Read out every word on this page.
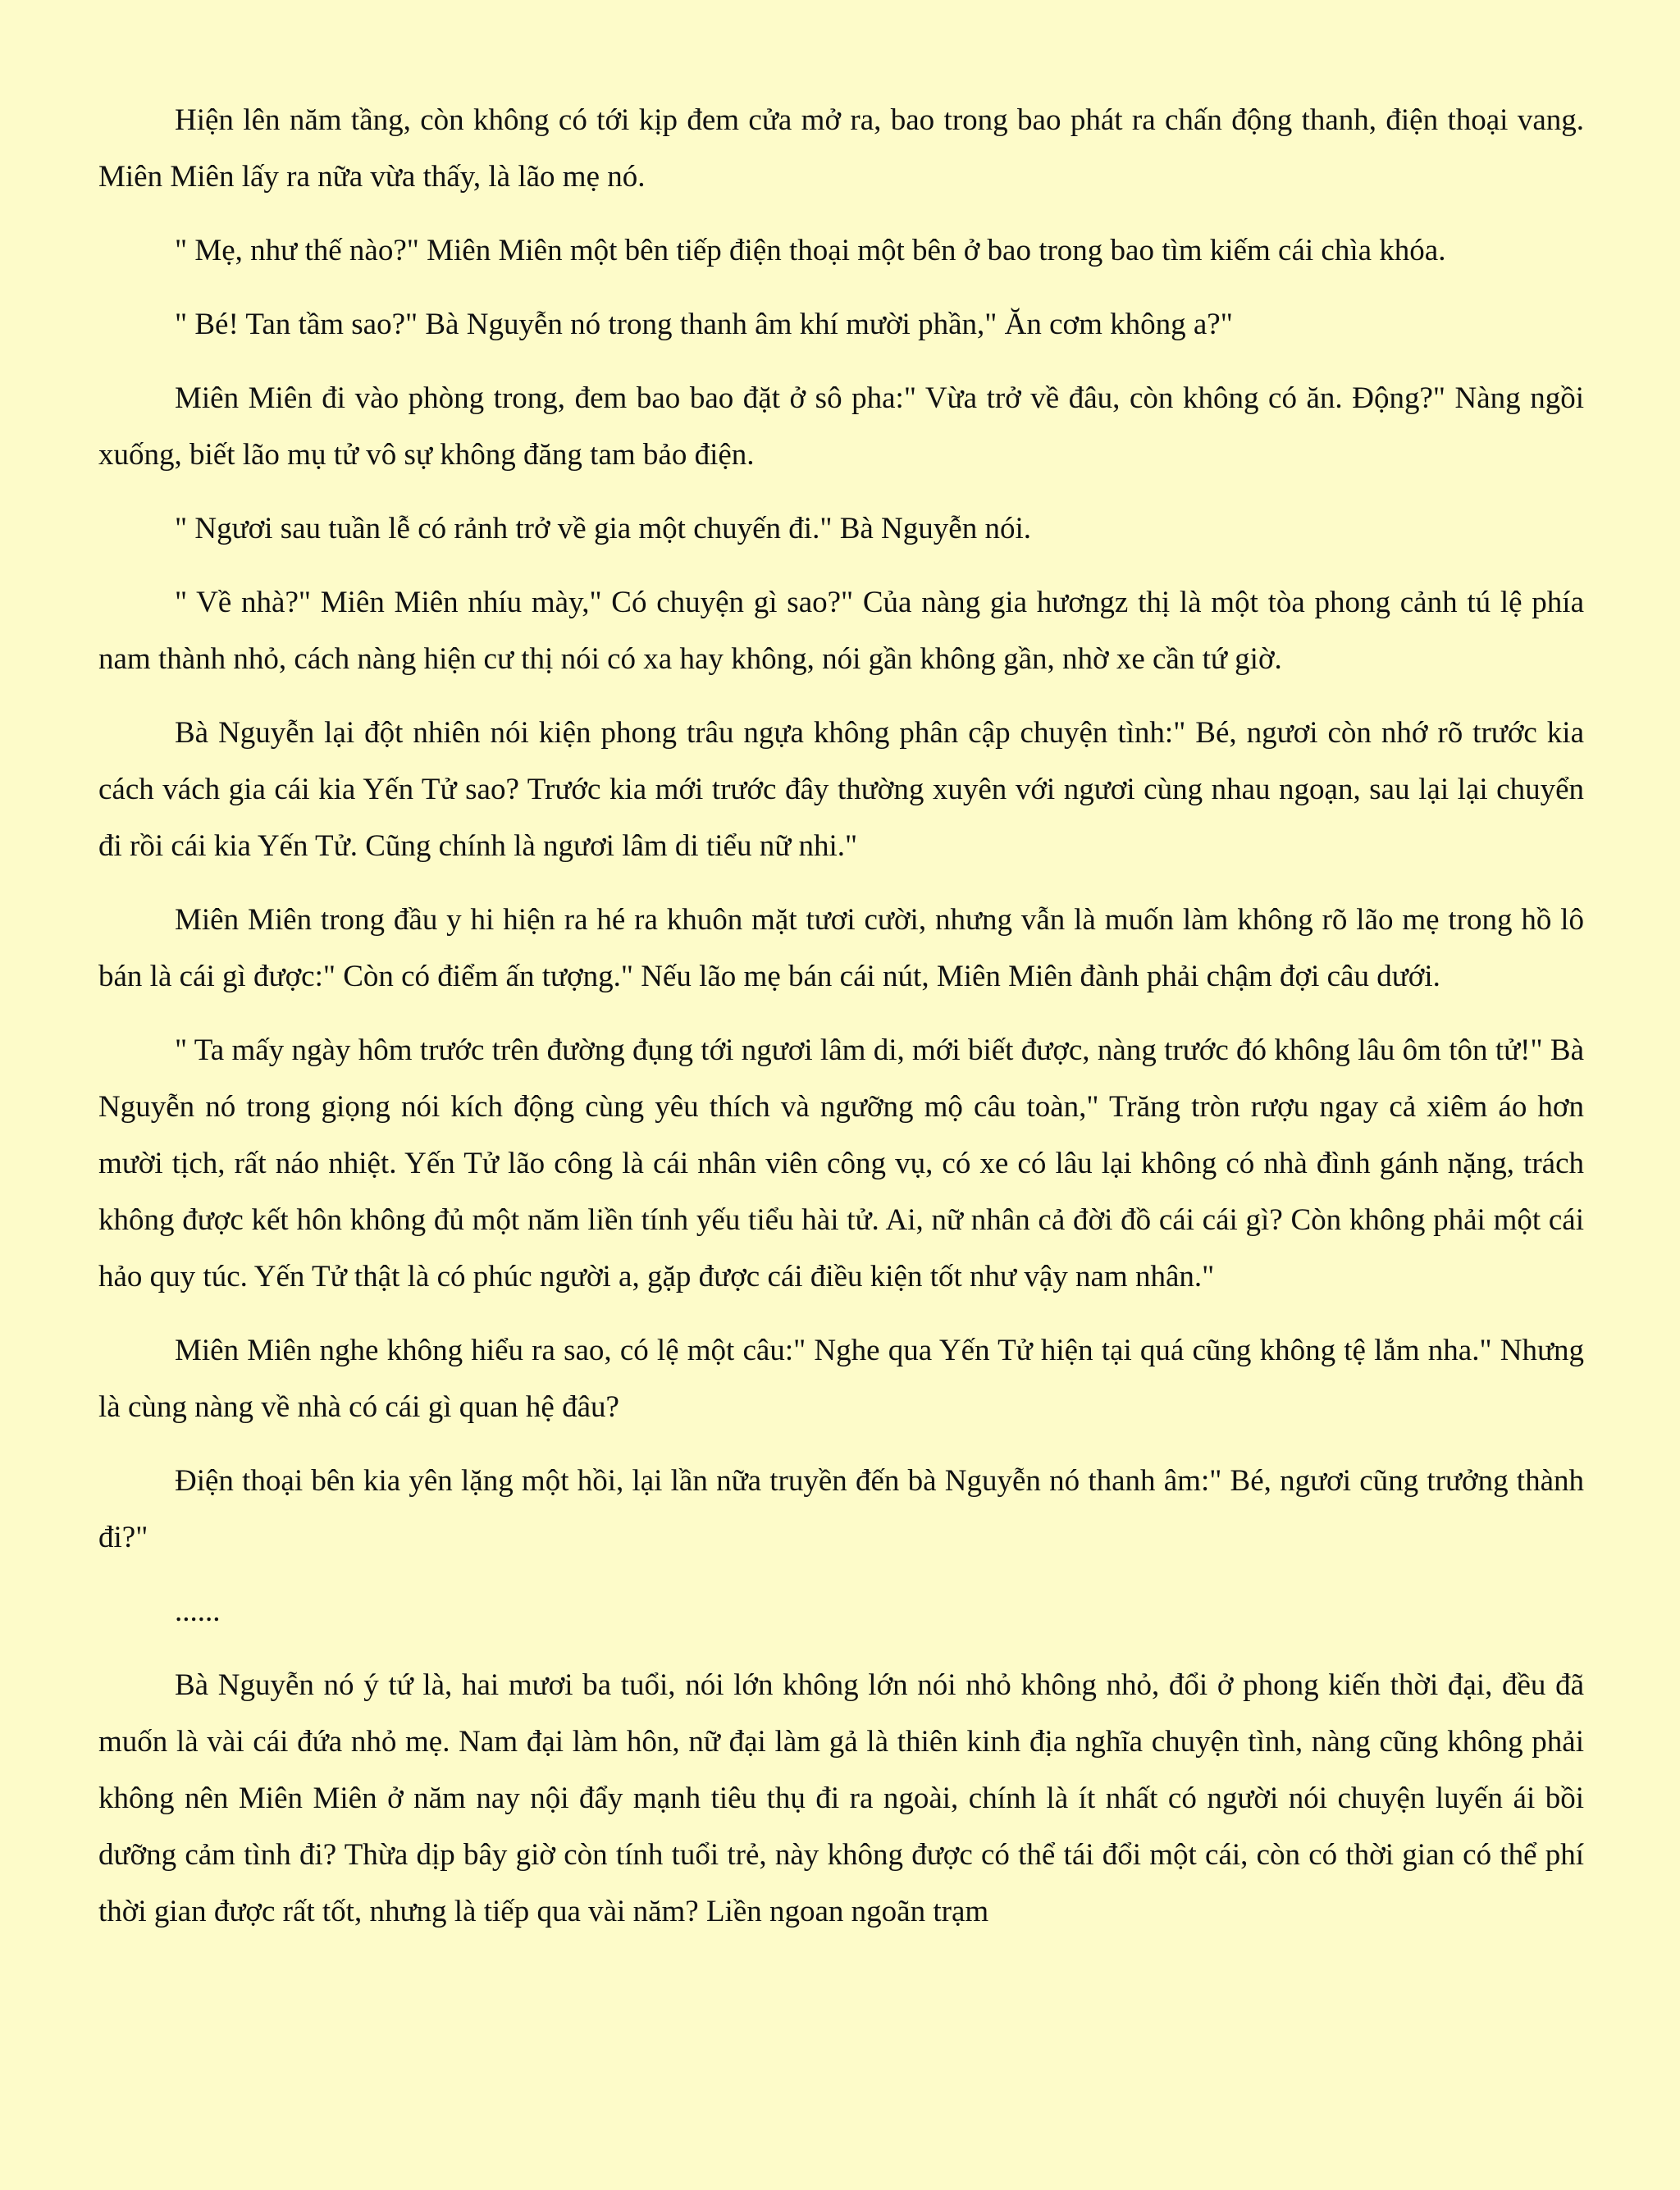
Hiện lên năm tầng, còn không có tới kịp đem cửa mở ra, bao trong bao phát ra chấn động thanh, điện thoại vang. Miên Miên lấy ra nữa vừa thấy, là lão mẹ nó.

" Mẹ, như thế nào?" Miên Miên một bên tiếp điện thoại một bên ở bao trong bao tìm kiếm cái chìa khóa.

" Bé! Tan tầm sao?" Bà Nguyễn nó trong thanh âm khí mười phần," Ăn cơm không a?"

Miên Miên đi vào phòng trong, đem bao bao đặt ở sô pha:" Vừa trở về đâu, còn không có ăn. Động?" Nàng ngồi xuống, biết lão mụ tử vô sự không đăng tam bảo điện.

" Ngươi sau tuần lễ có rảnh trở về gia một chuyến đi." Bà Nguyễn nói.

" Về nhà?" Miên Miên nhíu mày," Có chuyện gì sao?" Của nàng gia hươngz thị là một tòa phong cảnh tú lệ phía nam thành nhỏ, cách nàng hiện cư thị nói có xa hay không, nói gần không gần, nhờ xe cần tứ giờ.

Bà Nguyễn lại đột nhiên nói kiện phong trâu ngựa không phân cập chuyện tình:" Bé, ngươi còn nhớ rõ trước kia cách vách gia cái kia Yến Tử sao? Trước kia mới trước đây thường xuyên với ngươi cùng nhau ngoạn, sau lại lại chuyển đi rồi cái kia Yến Tử. Cũng chính là ngươi lâm di tiểu nữ nhi."

Miên Miên trong đầu y hi hiện ra hé ra khuôn mặt tươi cười, nhưng vẫn là muốn làm không rõ lão mẹ trong hồ lô bán là cái gì được:" Còn có điểm ấn tượng." Nếu lão mẹ bán cái nút, Miên Miên đành phải chậm đợi câu dưới.

" Ta mấy ngày hôm trước trên đường đụng tới ngươi lâm di, mới biết được, nàng trước đó không lâu ôm tôn tử!" Bà Nguyễn nó trong giọng nói kích động cùng yêu thích và ngưỡng mộ câu toàn," Trăng tròn rượu ngay cả xiêm áo hơn mười tịch, rất náo nhiệt. Yến Tử lão công là cái nhân viên công vụ, có xe có lâu lại không có nhà đình gánh nặng, trách không được kết hôn không đủ một năm liền tính yếu tiểu hài tử. Ai, nữ nhân cả đời đồ cái cái gì? Còn không phải một cái hảo quy túc. Yến Tử thật là có phúc người a, gặp được cái điều kiện tốt như vậy nam nhân."

Miên Miên nghe không hiểu ra sao, có lệ một câu:" Nghe qua Yến Tử hiện tại quá cũng không tệ lắm nha." Nhưng là cùng nàng về nhà có cái gì quan hệ đâu?

Điện thoại bên kia yên lặng một hồi, lại lần nữa truyền đến bà Nguyễn nó thanh âm:" Bé, ngươi cũng trưởng thành đi?"

......

Bà Nguyễn nó ý tứ là, hai mươi ba tuổi, nói lớn không lớn nói nhỏ không nhỏ, đổi ở phong kiến thời đại, đều đã muốn là vài cái đứa nhỏ mẹ. Nam đại làm hôn, nữ đại làm gả là thiên kinh địa nghĩa chuyện tình, nàng cũng không phải không nên Miên Miên ở năm nay nội đẩy mạnh tiêu thụ đi ra ngoài, chính là ít nhất có người nói chuyện luyến ái bồi dưỡng cảm tình đi? Thừa dịp bây giờ còn tính tuổi trẻ, này không được có thể tái đổi một cái, còn có thời gian có thể phí thời gian được rất tốt, nhưng là tiếp qua vài năm? Liền ngoan ngoãn trạm
